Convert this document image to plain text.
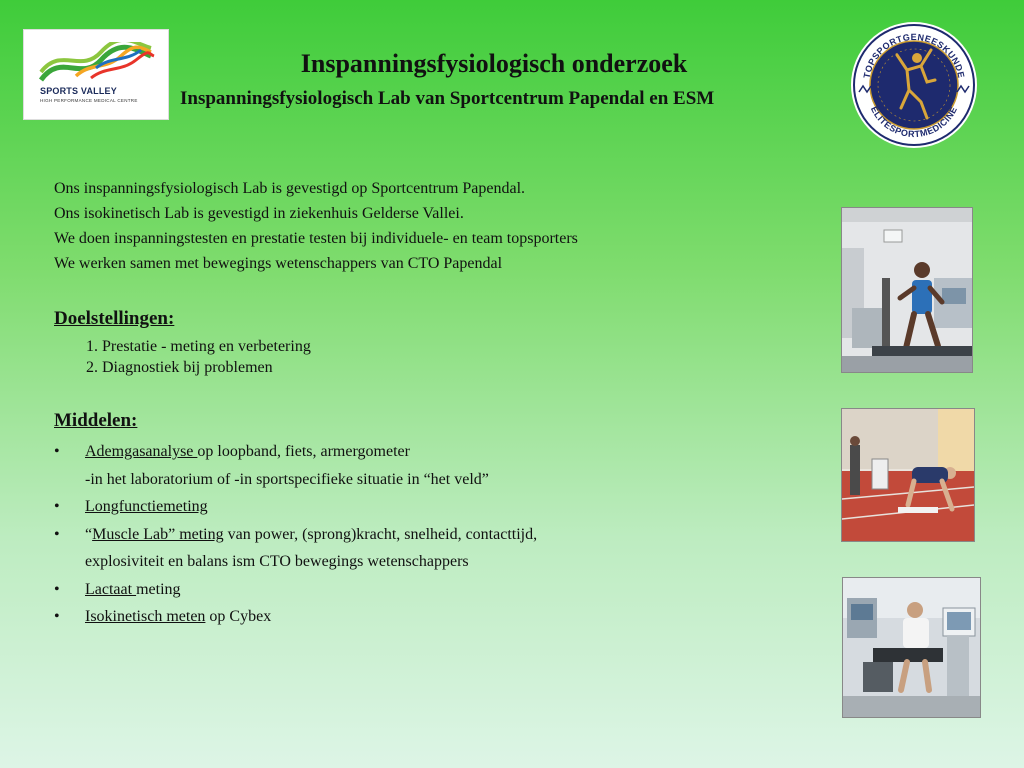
SPORTS VALLEY
HIGH PERFORMANCE MEDICAL CENTRE
Inspanningsfysiologisch onderzoek
Inspanningsfysiologisch Lab van Sportcentrum Papendal en ESM
TOPSPORTGENEESKUNDE
ELITESPORTMEDICINE
Ons inspanningsfysiologisch Lab is gevestigd op Sportcentrum Papendal.
Ons isokinetisch Lab is gevestigd in ziekenhuis Gelderse Vallei.
We doen inspanningstesten en prestatie testen bij individuele- en team topsporters
We werken samen met bewegings wetenschappers van CTO Papendal
Doelstellingen:
1. Prestatie - meting en verbetering
2. Diagnostiek bij problemen
Middelen:
• Ademgasanalyse op loopband, fiets, armergometer
-in het laboratorium of -in sportspecifieke situatie in “het veld”
• Longfunctiemeting
• “Muscle Lab” meting van power, (sprong)kracht, snelheid, contacttijd,
explosiviteit en balans ism CTO bewegings wetenschappers
• Lactaat meting
• Isokinetisch meten op Cybex
